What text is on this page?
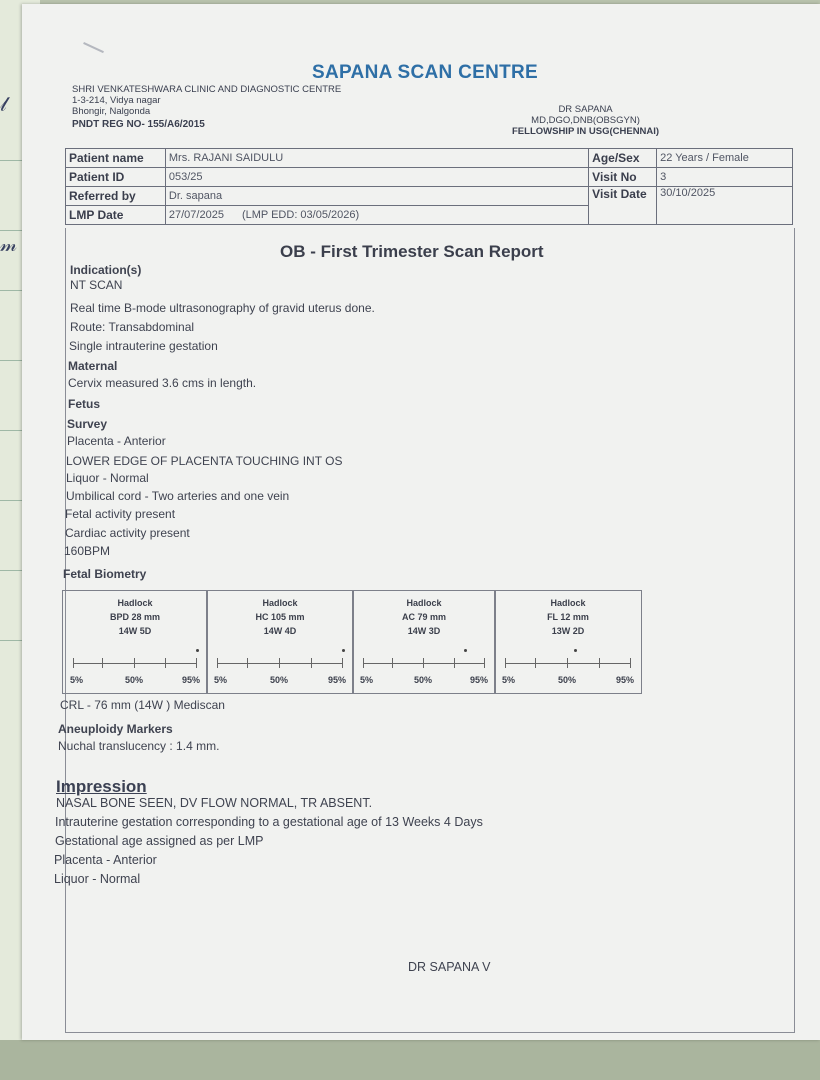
𝓁
𝓂
SAPANA SCAN CENTRE
SHRI VENKATESHWARA CLINIC AND DIAGNOSTIC CENTRE
1-3-214, Vidya nagar
Bhongir, Nalgonda
PNDT REG NO- 155/A6/2015
DR SAPANA
MD,DGO,DNB(OBSGYN)
FELLOWSHIP IN USG(CHENNAI)
Patient name	Mrs. RAJANI SAIDULU	Age/Sex	22 Years / Female
Patient ID	053/25	Visit No	3
Referred by	Dr. sapana	Visit Date	30/10/2025
LMP Date	27/07/2025 (LMP EDD: 03/05/2026)		
OB - First Trimester Scan Report
Indication(s)
NT SCAN
Real time B-mode ultrasonography of gravid uterus done.
Route: Transabdominal
Single intrauterine gestation
Maternal
Cervix measured 3.6 cms in length.
Fetus
Survey
Placenta - Anterior
LOWER EDGE OF PLACENTA TOUCHING INT OS
Liquor - Normal
Umbilical cord - Two arteries and one vein
Fetal activity present
Cardiac activity present
160BPM
Fetal Biometry
Hadlock
BPD 28 mm
14W 5D
5%	50%	95%
Hadlock
HC 105 mm
14W 4D
5%	50%	95%
Hadlock
AC 79 mm
14W 3D
5%	50%	95%
Hadlock
FL 12 mm
13W 2D
5%	50%	95%
CRL - 76 mm (14W ) Mediscan
Aneuploidy Markers
Nuchal translucency : 1.4 mm.
Impression
NASAL BONE SEEN, DV FLOW NORMAL, TR ABSENT.
Intrauterine gestation corresponding to a gestational age of 13 Weeks 4 Days
Gestational age assigned as per LMP
Placenta - Anterior
Liquor - Normal
DR SAPANA V
